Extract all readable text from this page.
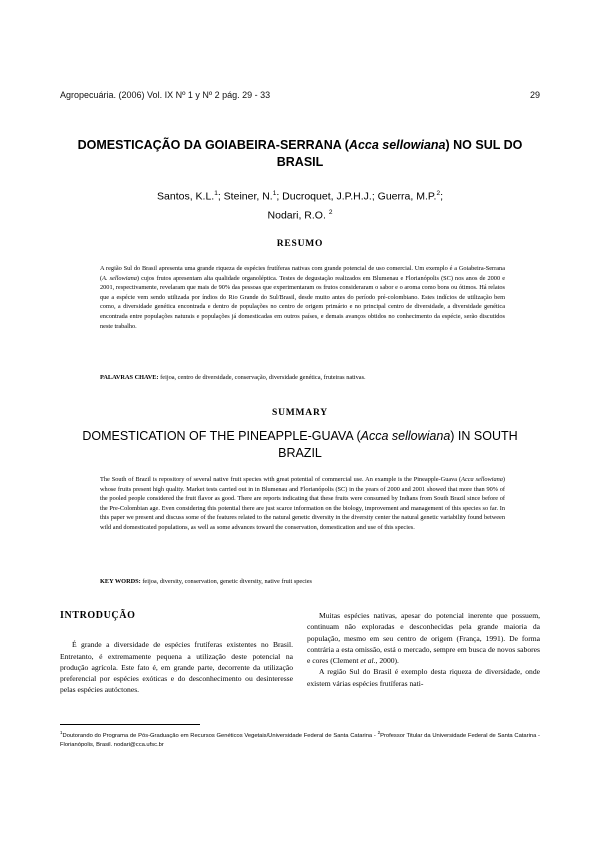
Agropecuária. (2006) Vol. IX Nº 1 y Nº 2 pág. 29 - 33	29
DOMESTICAÇÃO DA GOIABEIRA-SERRANA (Acca sellowiana) NO SUL DO BRASIL
Santos, K.L.$^1$; Steiner, N.$^1$; Ducroquet, J.P.H.J.; Guerra, M.P.$^2$;
Nodari, R.O. $^2$
RESUMO
A região Sul do Brasil apresenta uma grande riqueza de espécies frutíferas nativas com grande potencial de uso comercial. Um exemplo é a Goiabeira-Serrana (A. sellowiana) cujos frutos apresentam alta qualidade organoléptica. Testes de degustação realizados em Blumenau e Florianópolis (SC) nos anos de 2000 e 2001, respectivamente, revelaram que mais de 90% das pessoas que experimentaram os frutos consideraram o sabor e o aroma como bons ou ótimos. Há relatos que a espécie vem sendo utilizada por índios do Rio Grande do Sul/Brasil, desde muito antes do período pré-colombiano. Estes indícios de utilização bem como, a diversidade genética encontrada e dentro de populações no centro de origem primário e no principal centro de diversidade, a diversidade genética encontrada entre populações naturais e populações já domesticadas em outros países, e demais avanços obtidos no conhecimento da espécie, serão discutidos neste trabalho.
PALAVRAS CHAVE: feijoa, centro de diversidade, conservação, diversidade genética, fruteiras nativas.
SUMMARY
DOMESTICATION OF THE PINEAPPLE-GUAVA (Acca sellowiana) IN SOUTH BRAZIL
The South of Brazil is repository of several native fruit species with great potential of commercial use. An example is the Pineapple-Guava (Acca sellowiana) whose fruits present high quality. Market tests carried out in in Blumenau and Florianópolis (SC) in the years of 2000 and 2001 showed that more than 90% of the pooled people considered the fruit flavor as good. There are reports indicating that these fruits were consumed by Indians from South Brazil since before of the Pre-Colombian age. Even considering this potential there are just scarce information on the biology, improvement and management of this species so far. In this paper we present and discuss some of the features related to the natural genetic diversity in the diversity center the natural genetic variability found between wild and domesticated populations, as well as some advances toward the conservation, domestication and use of this species.
KEY WORDS: feijoa, diversity, conservation, genetic diversity, native fruit species
INTRODUÇÃO

É grande a diversidade de espécies frutíferas existentes no Brasil. Entretanto, é extremamente pequena a utilização deste potencial na produção agrícola. Este fato é, em grande parte, decorrente da utilização preferencial por espécies exóticas e do desconhecimento ou desinteresse pelas espécies autóctones.

Muitas espécies nativas, apesar do potencial inerente que possuem, continuam não exploradas e desconhecidas pela grande maioria da população, mesmo em seu centro de origem (França, 1991). De forma contrária a esta omissão, está o mercado, sempre em busca de novos sabores e cores (Clement et al., 2000).

A região Sul do Brasil é exemplo desta riqueza de diversidade, onde existem várias espécies frutíferas nati-

$^1$Doutorando do Programa de Pós-Graduação em Recursos Genéticos Vegetais/Universidade Federal de Santa Catarina - $^2$Professor Titular da Universidade Federal de Santa Catarina - Florianópolis, Brasil. nodari@cca.ufsc.br
